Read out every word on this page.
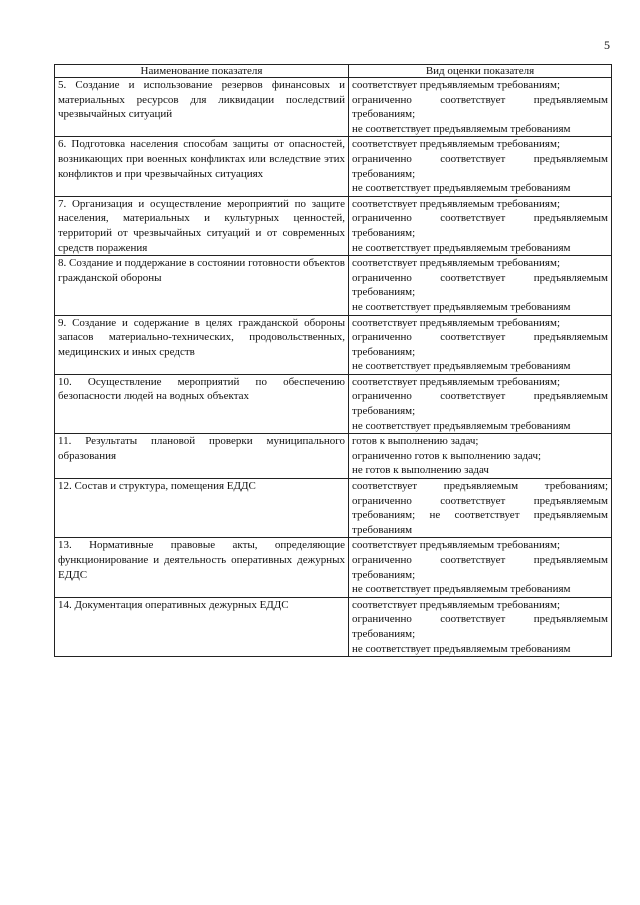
5
Наименование показателя	Вид оценки показателя
5. Создание и использование резервов финансовых и материальных ресурсов для ликвидации последствий чрезвычайных ситуаций	соответствует предъявляемым требованиям;
ограниченно соответствует предъявляемым требованиям;
не соответствует предъявляемым требованиям

6. Подготовка населения способам защиты от опасностей, возникающих при военных конфликтах или вследствие этих конфликтов и при чрезвычайных ситуациях	соответствует предъявляемым требованиям;
ограниченно соответствует предъявляемым требованиям;
не соответствует предъявляемым требованиям

7. Организация и осуществление мероприятий по защите населения, материальных и культурных ценностей, территорий от чрезвычайных ситуаций и от современных средств поражения	соответствует предъявляемым требованиям;
ограниченно соответствует предъявляемым требованиям;
не соответствует предъявляемым требованиям

8. Создание и поддержание в состоянии готовности объектов гражданской обороны	соответствует предъявляемым требованиям;
ограниченно соответствует предъявляемым требованиям;
не соответствует предъявляемым требованиям

9. Создание и содержание в целях гражданской обороны запасов материально-технических, продовольственных, медицинских и иных средств	соответствует предъявляемым требованиям;
ограниченно соответствует предъявляемым требованиям;
не соответствует предъявляемым требованиям

10. Осуществление мероприятий по обеспечению безопасности людей на водных объектах	соответствует предъявляемым требованиям;
ограниченно соответствует предъявляемым требованиям;
не соответствует предъявляемым требованиям

11. Результаты плановой проверки муниципального образования	готов к выполнению задач;
ограниченно готов к выполнению задач;
не готов к выполнению задач

12. Состав и структура, помещения ЕДДС	соответствует предъявляемым требованиям; ограниченно соответствует предъявляемым требованиям; не соответствует предъявляемым требованиям

13. Нормативные правовые акты, определяющие функционирование и деятельность оперативных дежурных ЕДДС	соответствует предъявляемым требованиям;
ограниченно соответствует предъявляемым требованиям;
не соответствует предъявляемым требованиям

14. Документация оперативных дежурных ЕДДС	соответствует предъявляемым требованиям;
ограниченно соответствует предъявляемым требованиям;
не соответствует предъявляемым требованиям
